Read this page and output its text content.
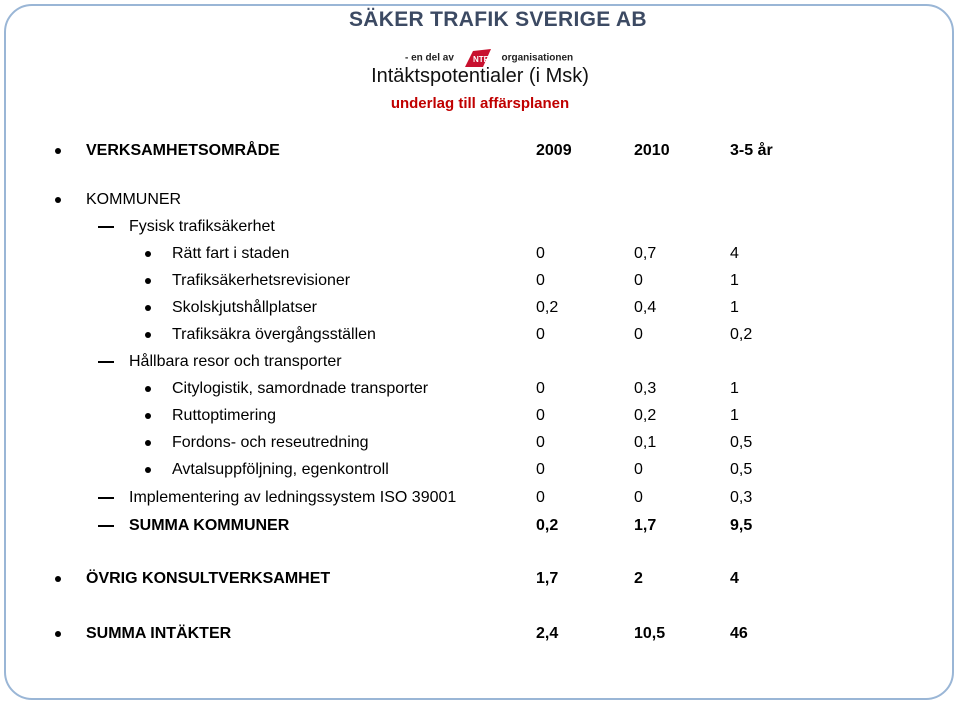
SÄKER TRAFIK SVERIGE AB
- en del av NTF organisationen
Intäktspotentialer (i Msk)
underlag till affärsplanen
VERKSAMHETSOMRÅDE	2009	2010	3-5 år
KOMMUNER
Fysisk trafiksäkerhet
Rätt fart i staden	0	0,7	4
Trafiksäkerhetsrevisioner	0	0	1
Skolskjutshållplatser	0,2	0,4	1
Trafiksäkra övergångsställen	0	0	0,2
Hållbara resor och transporter
Citylogistik, samordnade transporter	0	0,3	1
Ruttoptimering	0	0,2	1
Fordons- och reseutredning	0	0,1	0,5
Avtalsuppföljning, egenkontroll	0	0	0,5
Implementering av ledningssystem ISO 39001	0	0	0,3
SUMMA KOMMUNER	0,2	1,7	9,5
ÖVRIG KONSULTVERKSAMHET	1,7	2	4
SUMMA INTÄKTER	2,4	10,5	46
